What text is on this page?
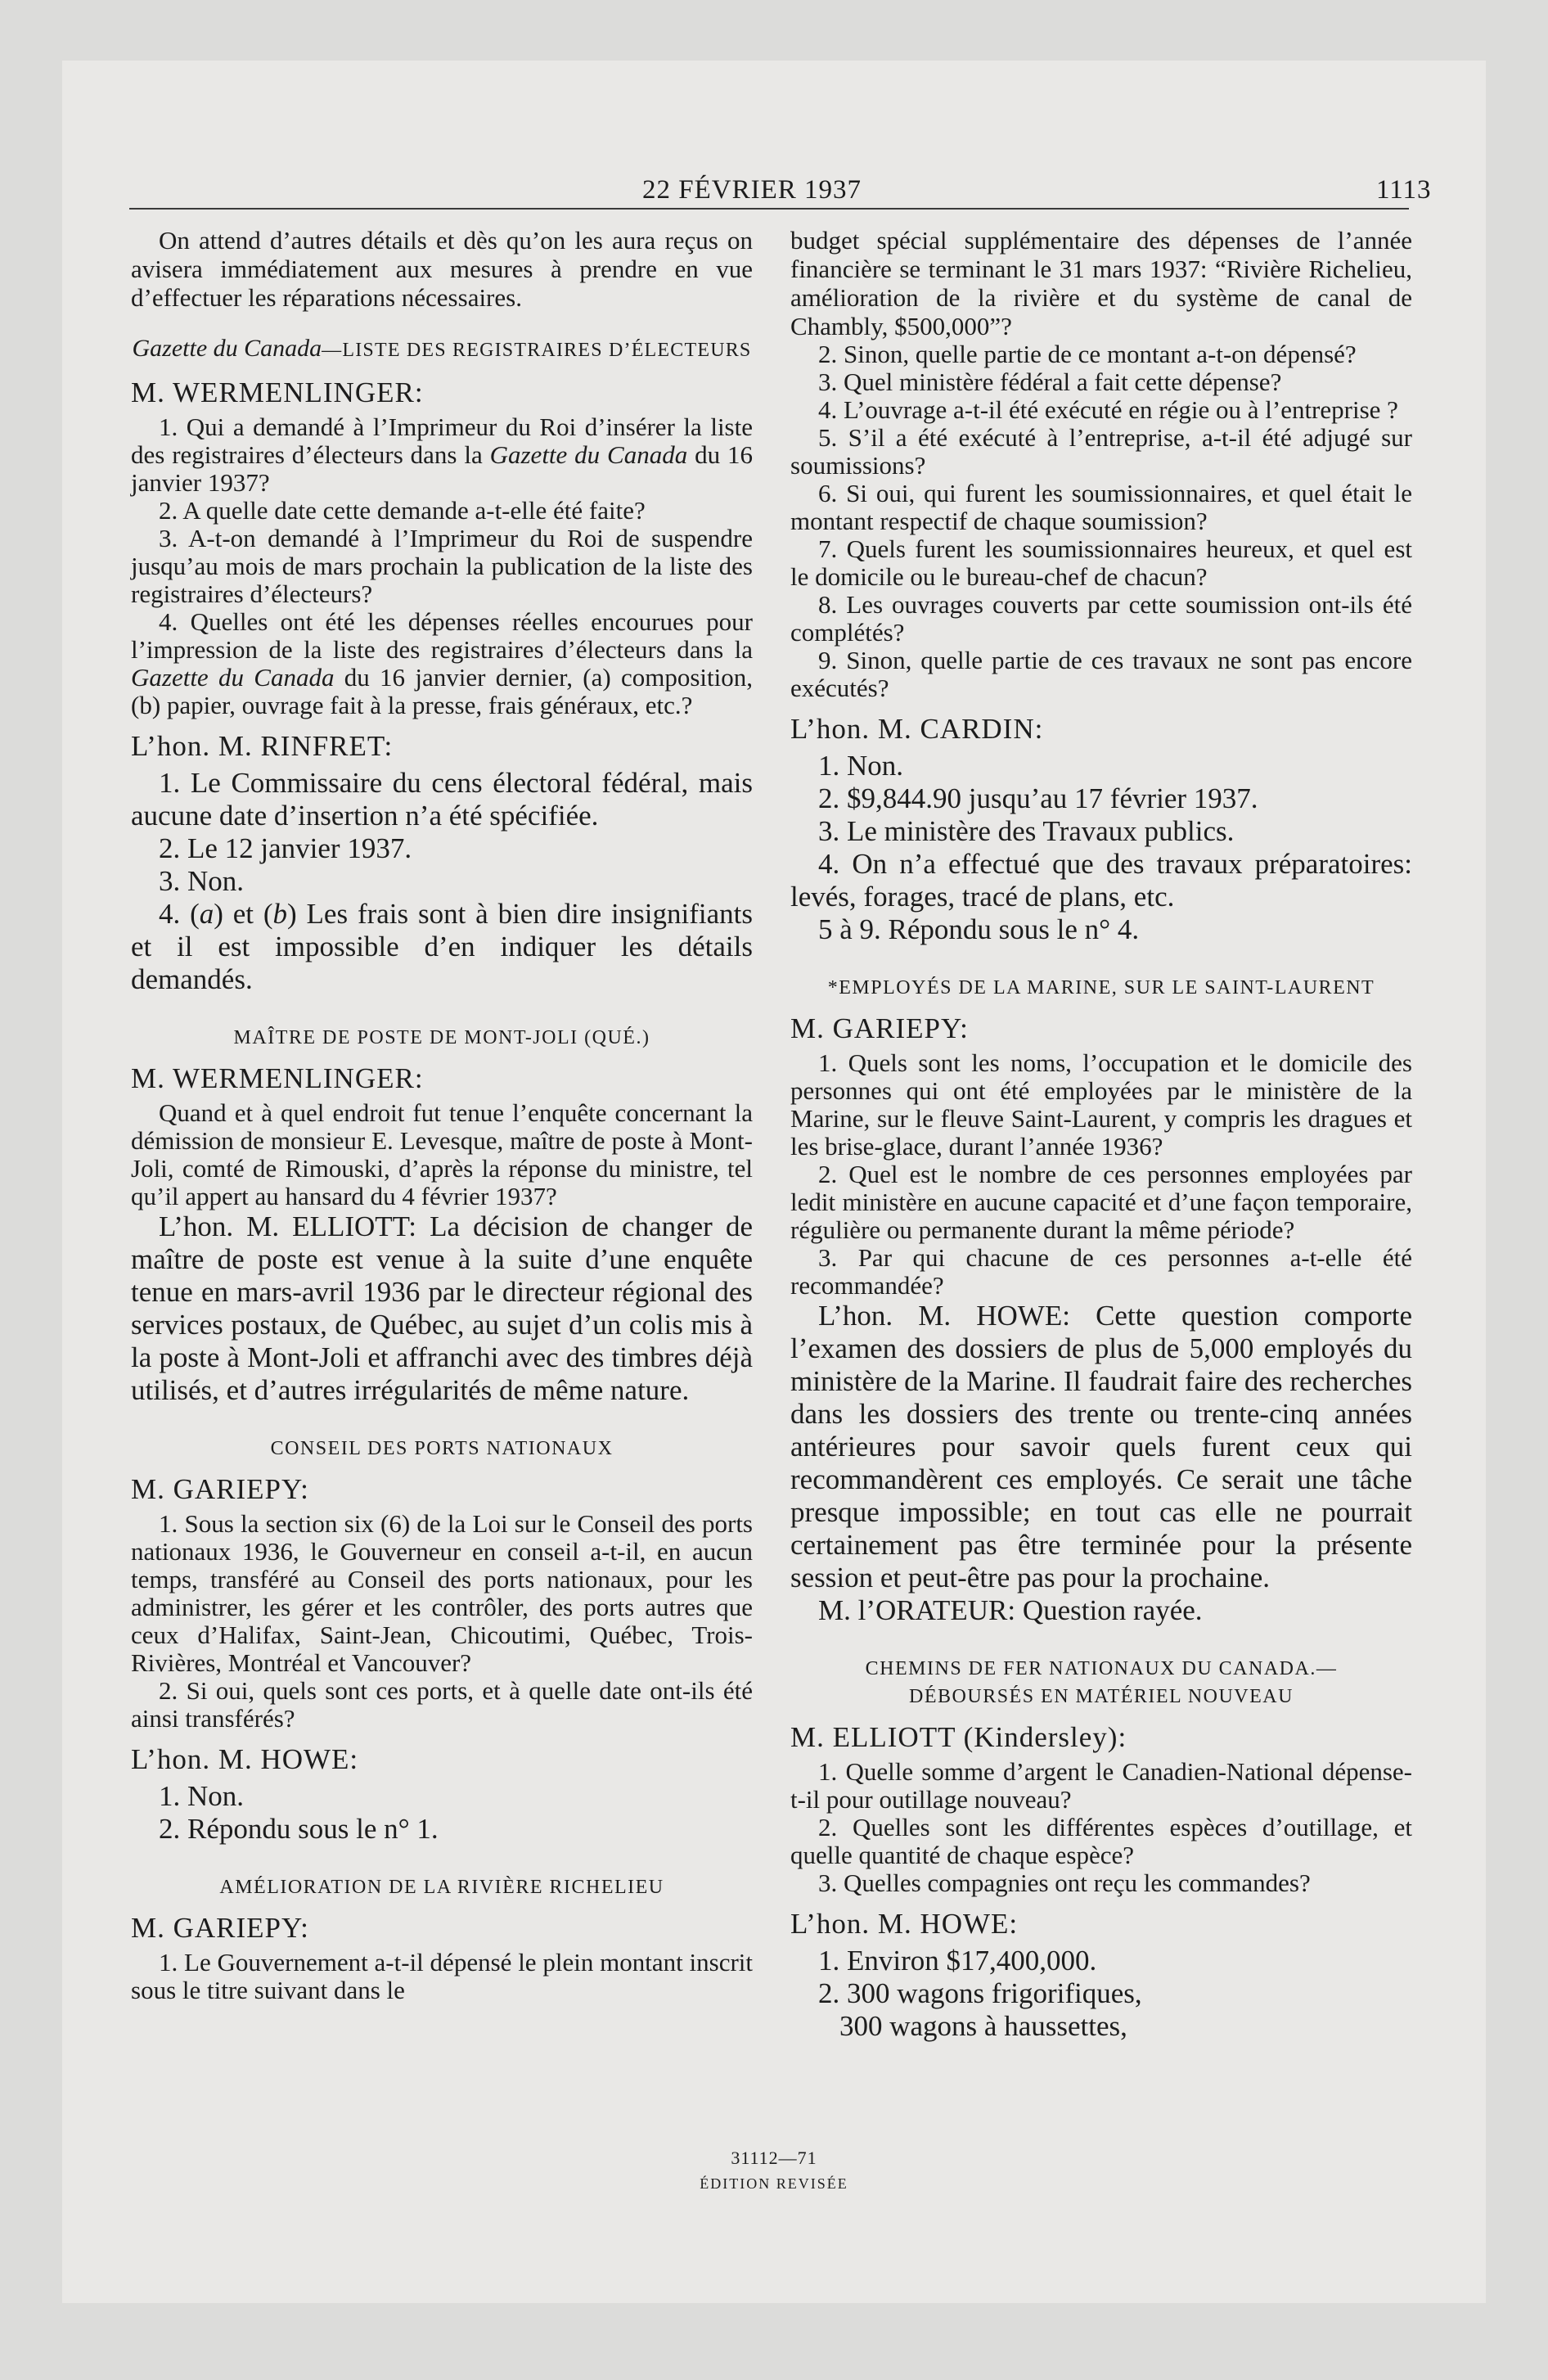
22 FÉVRIER 1937	1113

On attend d’autres détails et dès qu’on les aura reçus on avisera immédiatement aux mesures à prendre en vue d’effectuer les réparations nécessaires.

Gazette du Canada—LISTE DES REGISTRAIRES D’ÉLECTEURS

M. WERMENLINGER:

1. Qui a demandé à l’Imprimeur du Roi d’insérer la liste des registraires d’électeurs dans la Gazette du Canada du 16 janvier 1937?

2. A quelle date cette demande a-t-elle été faite?

3. A-t-on demandé à l’Imprimeur du Roi de suspendre jusqu’au mois de mars prochain la publication de la liste des registraires d’électeurs?

4. Quelles ont été les dépenses réelles encourues pour l’impression de la liste des registraires d’électeurs dans la Gazette du Canada du 16 janvier dernier, (a) composition, (b) papier, ouvrage fait à la presse, frais généraux, etc.?

L’hon. M. RINFRET:

1. Le Commissaire du cens électoral fédéral, mais aucune date d’insertion n’a été spécifiée.

2. Le 12 janvier 1937.

3. Non.

4. (a) et (b) Les frais sont à bien dire insignifiants et il est impossible d’en indiquer les détails demandés.

MAÎTRE DE POSTE DE MONT-JOLI (QUÉ.)

M. WERMENLINGER:

Quand et à quel endroit fut tenue l’enquête concernant la démission de monsieur E. Levesque, maître de poste à Mont-Joli, comté de Rimouski, d’après la réponse du ministre, tel qu’il appert au hansard du 4 février 1937?

L’hon. M. ELLIOTT: La décision de changer de maître de poste est venue à la suite d’une enquête tenue en mars-avril 1936 par le directeur régional des services postaux, de Québec, au sujet d’un colis mis à la poste à Mont-Joli et affranchi avec des timbres déjà utilisés, et d’autres irrégularités de même nature.

CONSEIL DES PORTS NATIONAUX

M. GARIEPY:

1. Sous la section six (6) de la Loi sur le Conseil des ports nationaux 1936, le Gouverneur en conseil a-t-il, en aucun temps, transféré au Conseil des ports nationaux, pour les administrer, les gérer et les contrôler, des ports autres que ceux d’Halifax, Saint-Jean, Chicoutimi, Québec, Trois-Rivières, Montréal et Vancouver?

2. Si oui, quels sont ces ports, et à quelle date ont-ils été ainsi transférés?

L’hon. M. HOWE:

1. Non.

2. Répondu sous le n° 1.

AMÉLIORATION DE LA RIVIÈRE RICHELIEU

M. GARIEPY:

1. Le Gouvernement a-t-il dépensé le plein montant inscrit sous le titre suivant dans le

budget spécial supplémentaire des dépenses de l’année financière se terminant le 31 mars 1937: “Rivière Richelieu, amélioration de la rivière et du système de canal de Chambly, $500,000”?

2. Sinon, quelle partie de ce montant a-t-on dépensé?

3. Quel ministère fédéral a fait cette dépense?

4. L’ouvrage a-t-il été exécuté en régie ou à l’entreprise ?

5. S’il a été exécuté à l’entreprise, a-t-il été adjugé sur soumissions?

6. Si oui, qui furent les soumissionnaires, et quel était le montant respectif de chaque soumission?

7. Quels furent les soumissionnaires heureux, et quel est le domicile ou le bureau-chef de chacun?

8. Les ouvrages couverts par cette soumission ont-ils été complétés?

9. Sinon, quelle partie de ces travaux ne sont pas encore exécutés?

L’hon. M. CARDIN:

1. Non.

2. $9,844.90 jusqu’au 17 février 1937.

3. Le ministère des Travaux publics.

4. On n’a effectué que des travaux préparatoires: levés, forages, tracé de plans, etc.

5 à 9. Répondu sous le n° 4.

*EMPLOYÉS DE LA MARINE, SUR LE SAINT-LAURENT

M. GARIEPY:

1. Quels sont les noms, l’occupation et le domicile des personnes qui ont été employées par le ministère de la Marine, sur le fleuve Saint-Laurent, y compris les dragues et les brise-glace, durant l’année 1936?

2. Quel est le nombre de ces personnes employées par ledit ministère en aucune capacité et d’une façon temporaire, régulière ou permanente durant la même période?

3. Par qui chacune de ces personnes a-t-elle été recommandée?

L’hon. M. HOWE: Cette question comporte l’examen des dossiers de plus de 5,000 employés du ministère de la Marine. Il faudrait faire des recherches dans les dossiers des trente ou trente-cinq années antérieures pour savoir quels furent ceux qui recommandèrent ces employés. Ce serait une tâche presque impossible; en tout cas elle ne pourrait certainement pas être terminée pour la présente session et peut-être pas pour la prochaine.

M. l’ORATEUR: Question rayée.

CHEMINS DE FER NATIONAUX DU CANADA.—
DÉBOURSÉS EN MATÉRIEL NOUVEAU

M. ELLIOTT (Kindersley):

1. Quelle somme d’argent le Canadien-National dépense-t-il pour outillage nouveau?

2. Quelles sont les différentes espèces d’outillage, et quelle quantité de chaque espèce?

3. Quelles compagnies ont reçu les commandes?

L’hon. M. HOWE:

1. Environ $17,400,000.

2. 300 wagons frigorifiques,

300 wagons à haussettes,

31112—71
ÉDITION REVISÉE
